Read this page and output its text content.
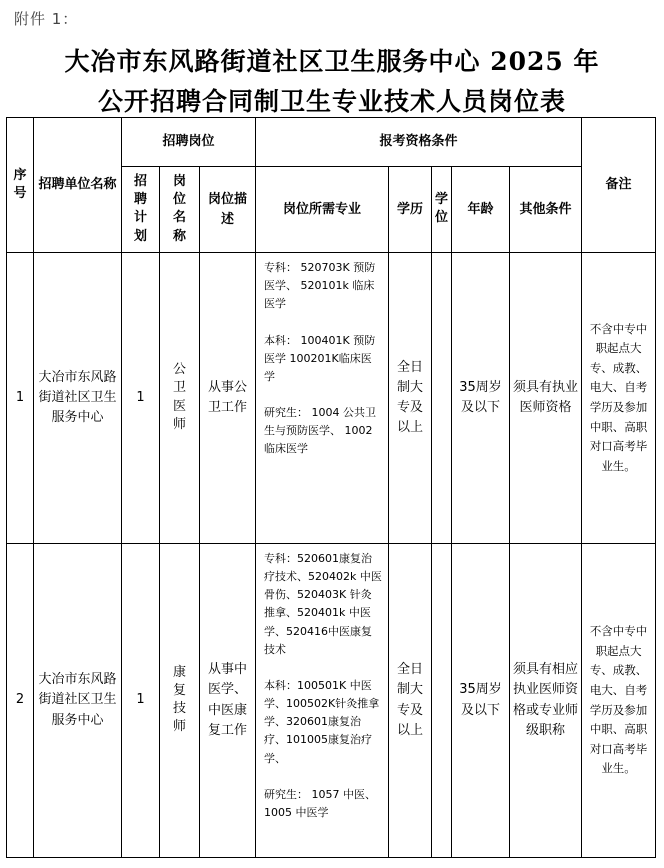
附件 1：
大冶市东风路街道社区卫生服务中心 2025 年
公开招聘合同制卫生专业技术人员岗位表
序号	招聘单位名称	招聘岗位			报考资格条件					备注
		招聘计划	岗位名称	岗位描述	岗位所需专业	学历	学位	年龄	其他条件	
1	大冶市东风路街道社区卫生服务中心	1	公卫医师	从事公卫工作	专科： 520703K 预防医学、 520101k 临床医学

本科： 100401K 预防医学 100201K临床医学

研究生： 1004 公共卫生与预防医学、 1002 临床医学	全日制大专及以上		35周岁及以下	须具有执业医师资格	不含中专中职起点大专、成教、电大、自考学历及参加中职、高职对口高考毕业生。
2	大冶市东风路街道社区卫生服务中心	1	康复技师	从事中医学、中医康复工作	专科：520601康复治疗技术、520402k 中医骨伤、520403K 针灸推拿、520401k 中医学、520416中医康复技术

本科：100501K 中医学、100502K针灸推拿学、320601康复治疗、101005康复治疗学、

研究生： 1057 中医、 1005 中医学	全日制大专及以上		35周岁及以下	须具有相应执业医师资格或专业师级职称	不含中专中职起点大专、成教、电大、自考学历及参加中职、高职对口高考毕业生。
